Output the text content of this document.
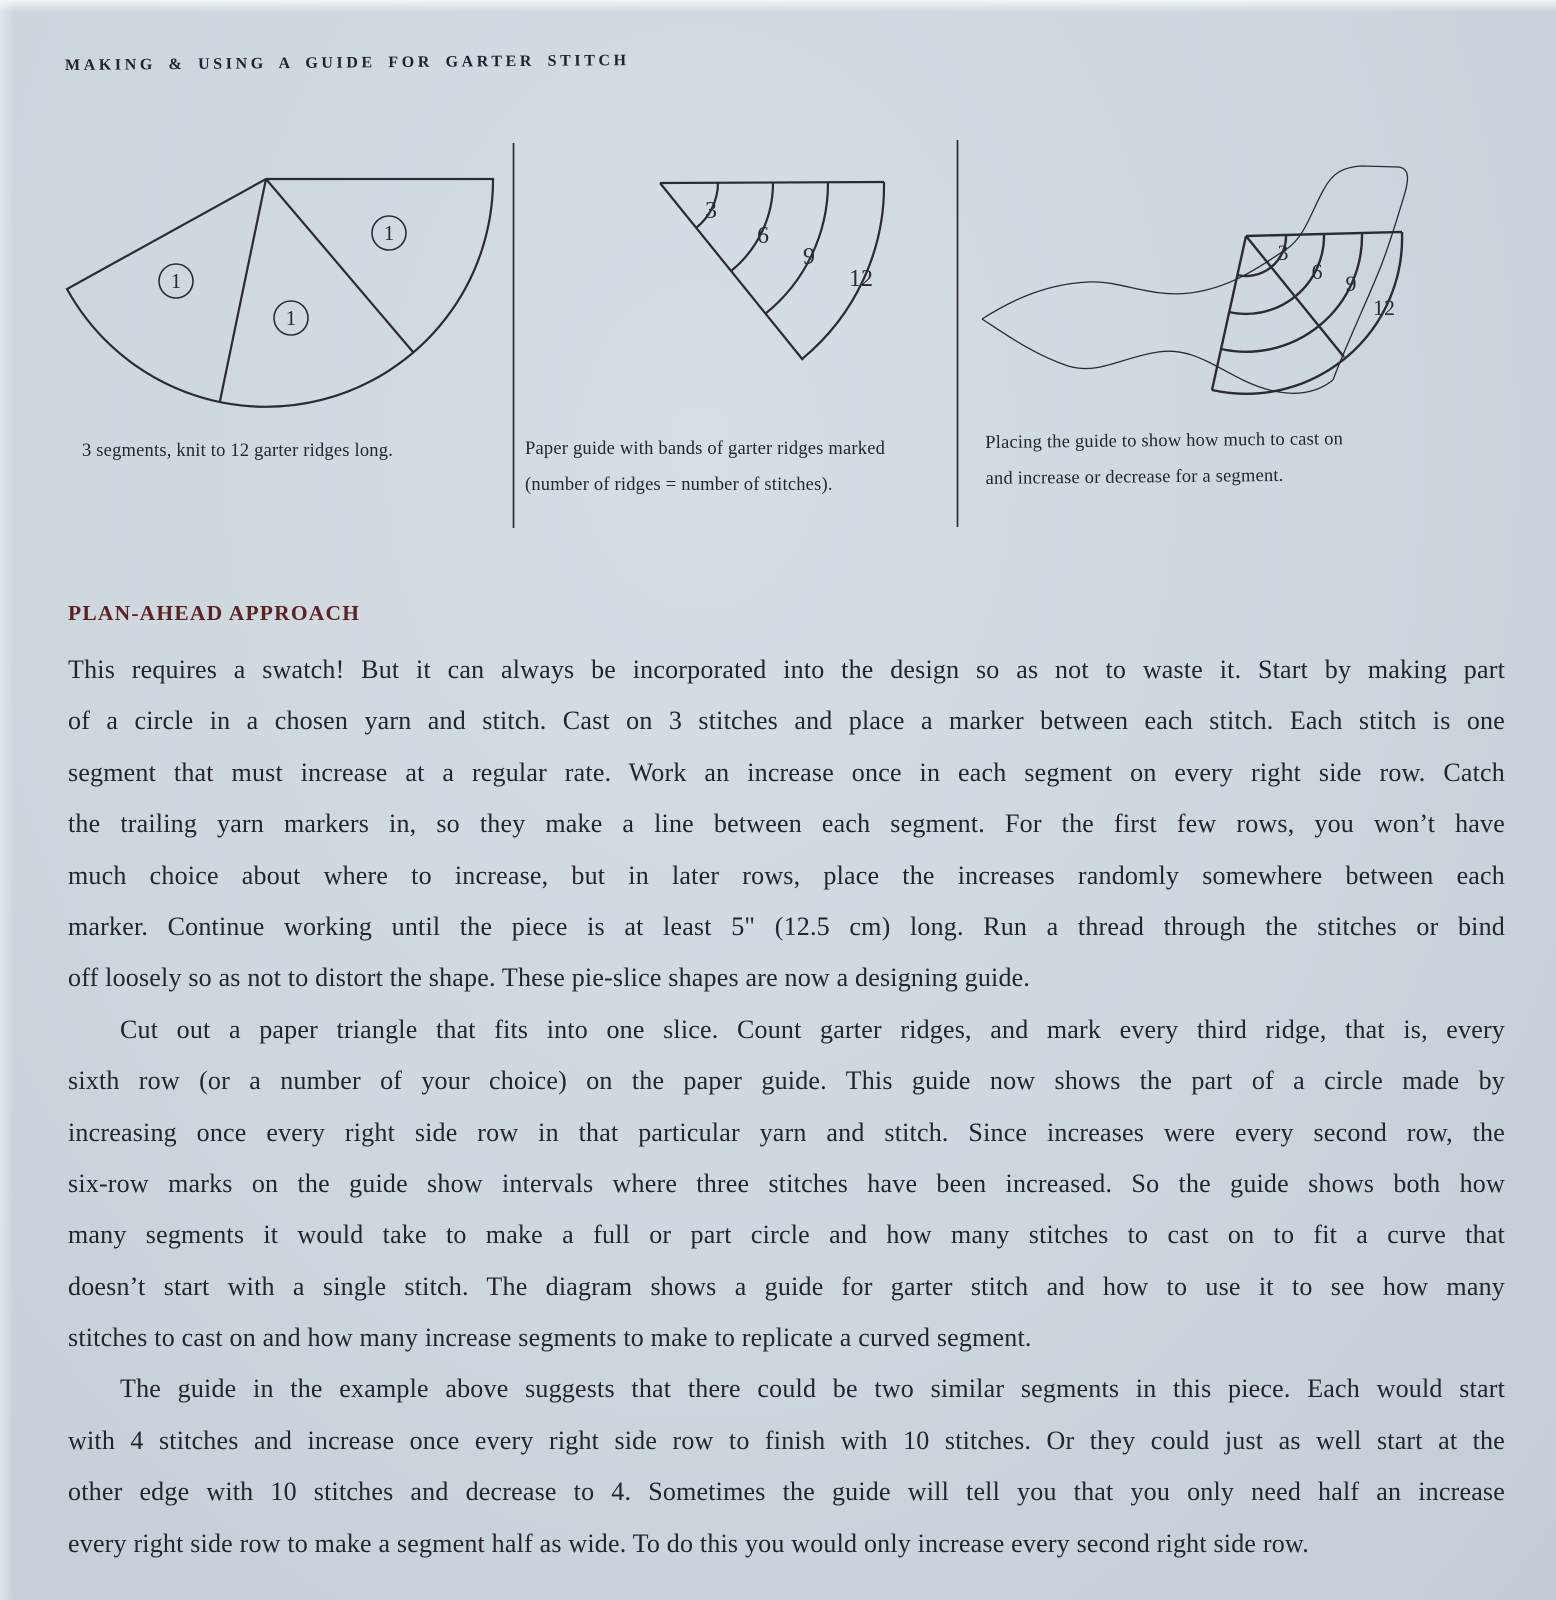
MAKING & USING A GUIDE FOR GARTER STITCH
1
1
1
3
6
9
12
3
6 9
12
3 segments, knit to 12 garter ridges long.	Paper guide with bands of garter ridges marked (number of ridges = number of stitches).
Placing the guide to show how much to cast on and increase or decrease for a segment.
PLAN-AHEAD APPROACH
This requires a swatch! But it can always be incorporated into the design so as not to waste it. Start by making part
of a circle in a chosen yarn and stitch. Cast on 3 stitches and place a marker between each stitch. Each stitch is one
segment that must increase at a regular rate. Work an increase once in each segment on every right side row. Catch
the trailing yarn markers in, so they make a line between each segment. For the first few rows, you won’t have
much choice about where to increase, but in later rows, place the increases randomly somewhere between each
marker. Continue working until the piece is at least 5" (12.5 cm) long. Run a thread through the stitches or bind
off loosely so as not to distort the shape. These pie-slice shapes are now a designing guide.
Cut out a paper triangle that fits into one slice. Count garter ridges, and mark every third ridge, that is, every
sixth row (or a number of your choice) on the paper guide. This guide now shows the part of a circle made by
increasing once every right side row in that particular yarn and stitch. Since increases were every second row, the
six-row marks on the guide show intervals where three stitches have been increased. So the guide shows both how
many segments it would take to make a full or part circle and how many stitches to cast on to fit a curve that
doesn’t start with a single stitch. The diagram shows a guide for garter stitch and how to use it to see how many
stitches to cast on and how many increase segments to make to replicate a curved segment.
The guide in the example above suggests that there could be two similar segments in this piece. Each would start
with 4 stitches and increase once every right side row to finish with 10 stitches. Or they could just as well start at the
other edge with 10 stitches and decrease to 4. Sometimes the guide will tell you that you only need half an increase
every right side row to make a segment half as wide. To do this you would only increase every second right side row.
